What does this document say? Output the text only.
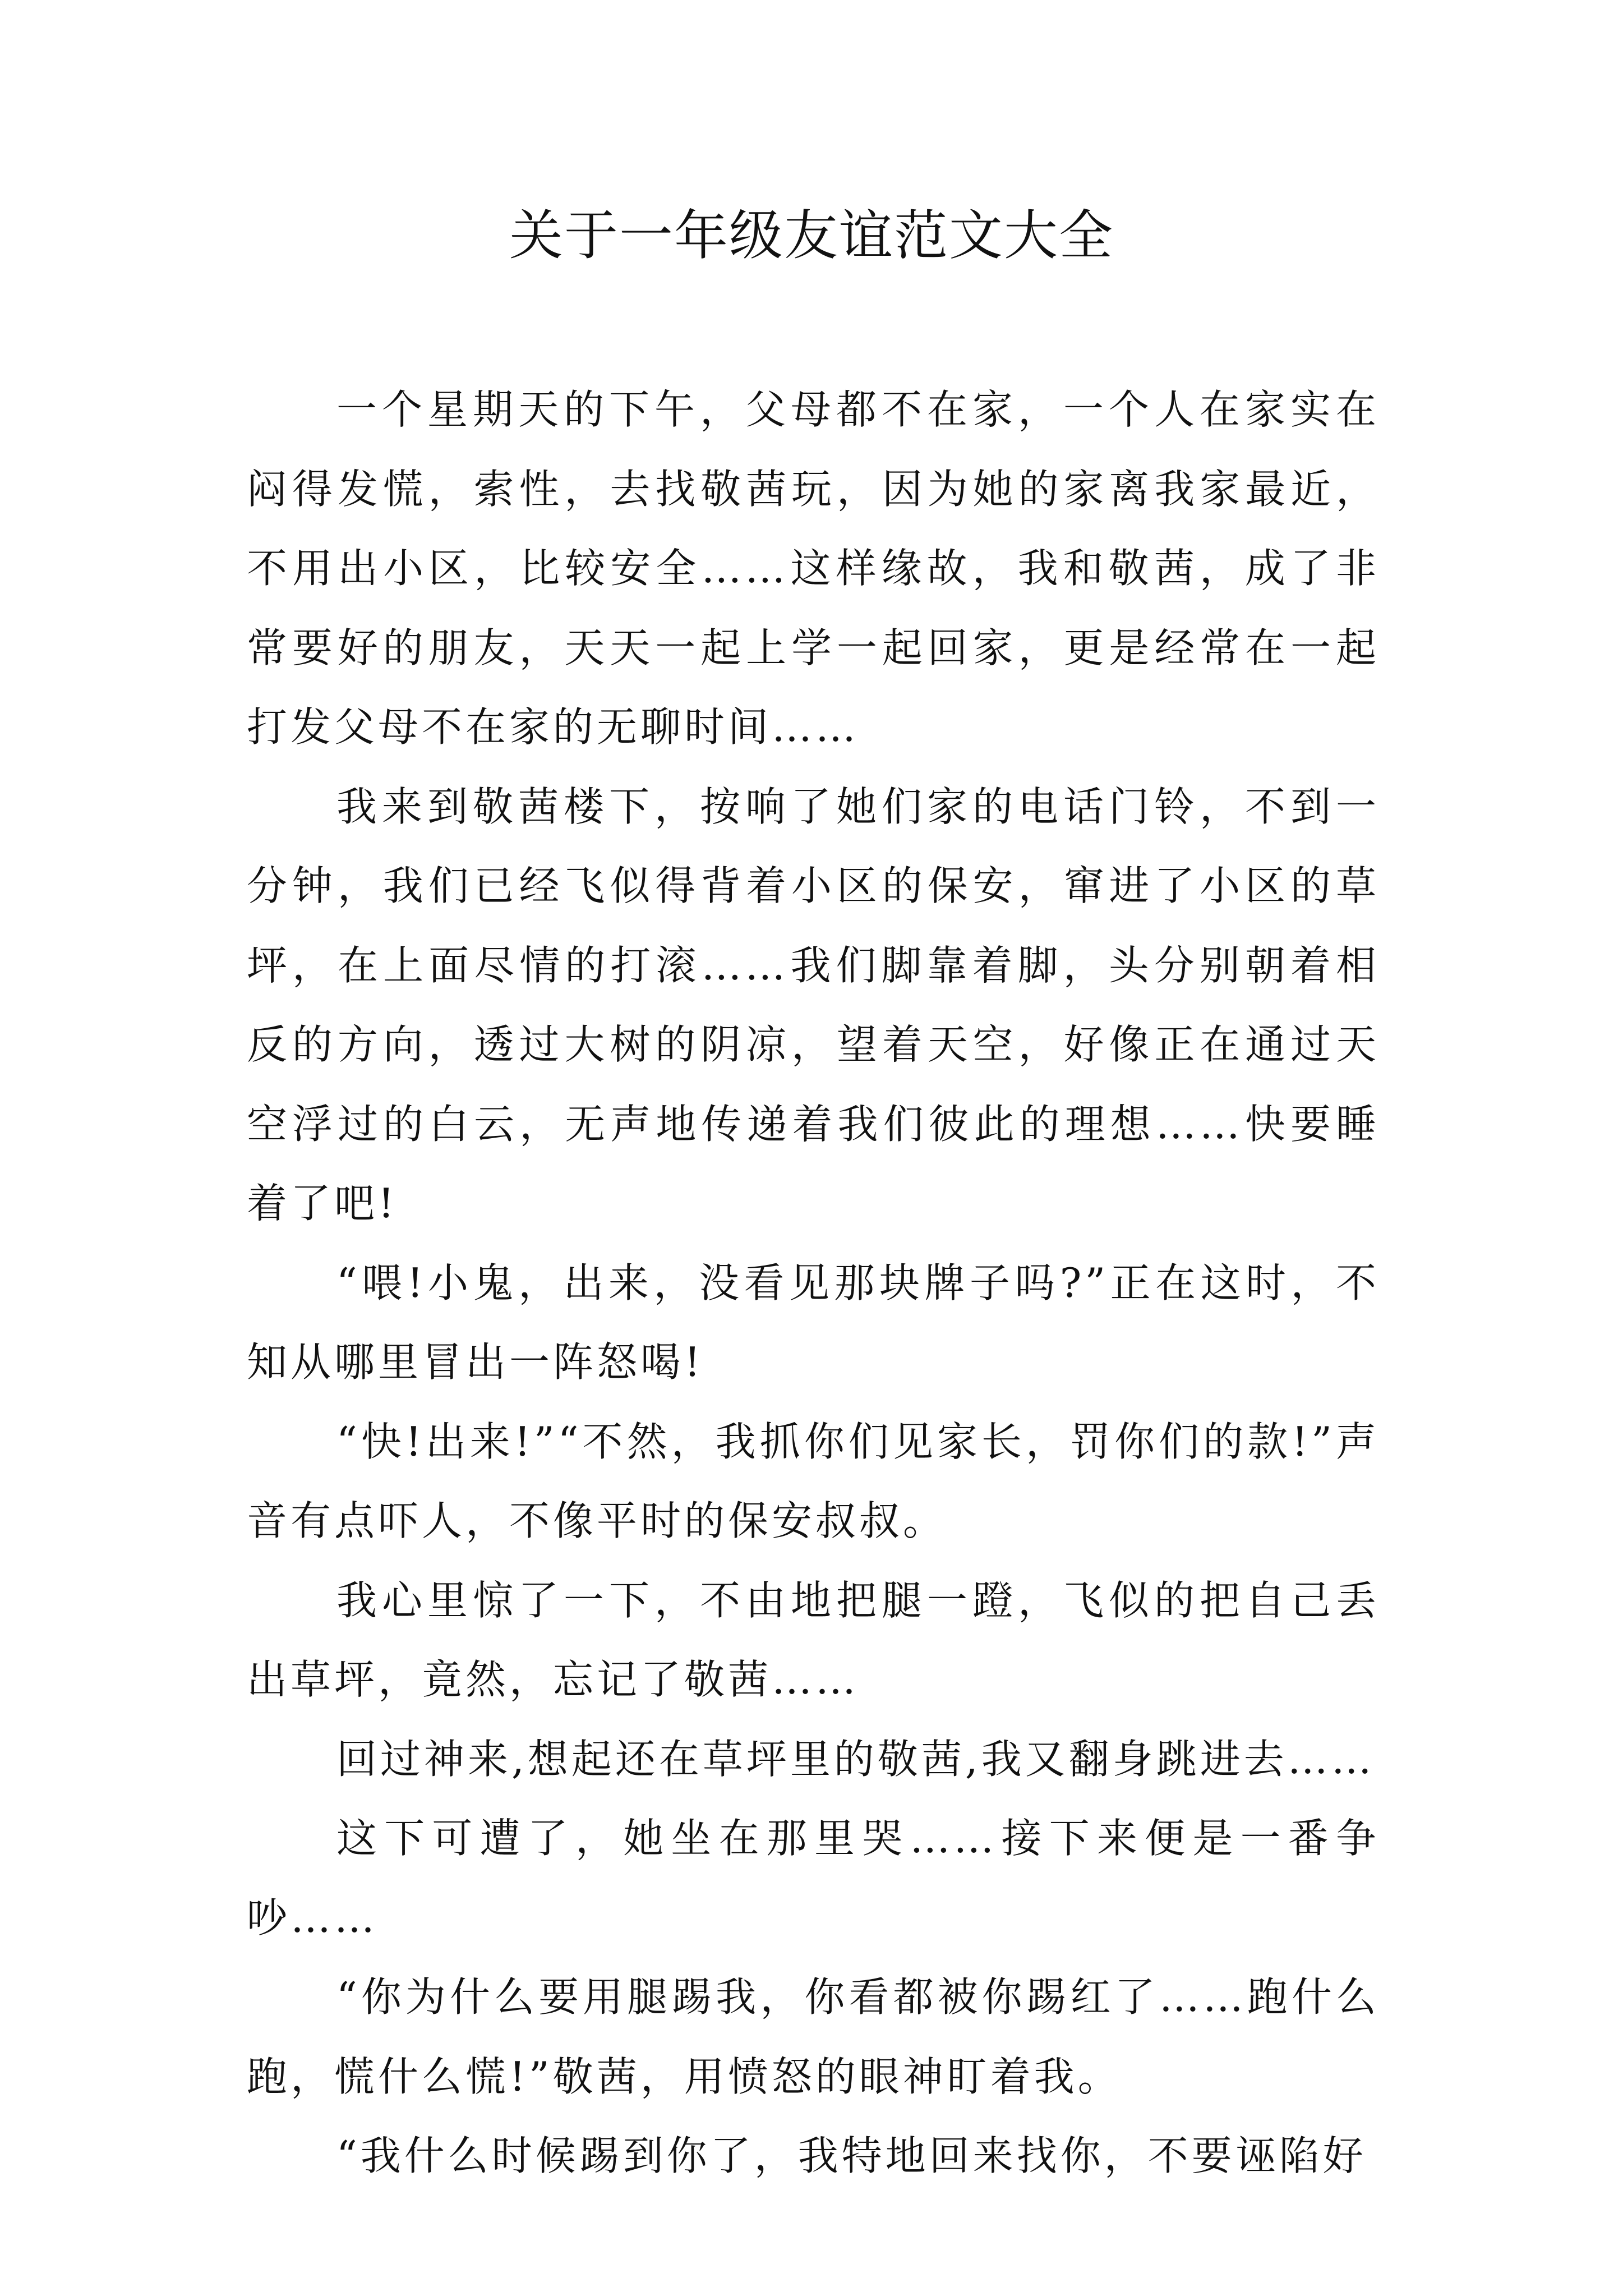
关于一年级友谊范文大全

一个星期天的下午，父母都不在家，一个人在家实在闷得发慌，索性，去找敬茜玩，因为她的家离我家最近，不用出小区，比较安全……这样缘故，我和敬茜，成了非常要好的朋友，天天一起上学一起回家，更是经常在一起打发父母不在家的无聊时间……

我来到敬茜楼下，按响了她们家的电话门铃，不到一分钟，我们已经飞似得背着小区的保安，窜进了小区的草坪，在上面尽情的打滚……我们脚靠着脚，头分别朝着相反的方向，透过大树的阴凉，望着天空，好像正在通过天空浮过的白云，无声地传递着我们彼此的理想……快要睡着了吧!

“喂!小鬼，出来，没看见那块牌子吗?”正在这时，不知从哪里冒出一阵怒喝!

“快!出来!”“不然，我抓你们见家长，罚你们的款!”声音有点吓人，不像平时的保安叔叔。

我心里惊了一下，不由地把腿一蹬，飞似的把自己丢出草坪，竟然，忘记了敬茜……

回过神来,想起还在草坪里的敬茜,我又翻身跳进去……

这下可遭了，她坐在那里哭……接下来便是一番争吵……

“你为什么要用腿踢我，你看都被你踢红了……跑什么跑，慌什么慌!”敬茜，用愤怒的眼神盯着我。

“我什么时候踢到你了，我特地回来找你，不要诬陷好
